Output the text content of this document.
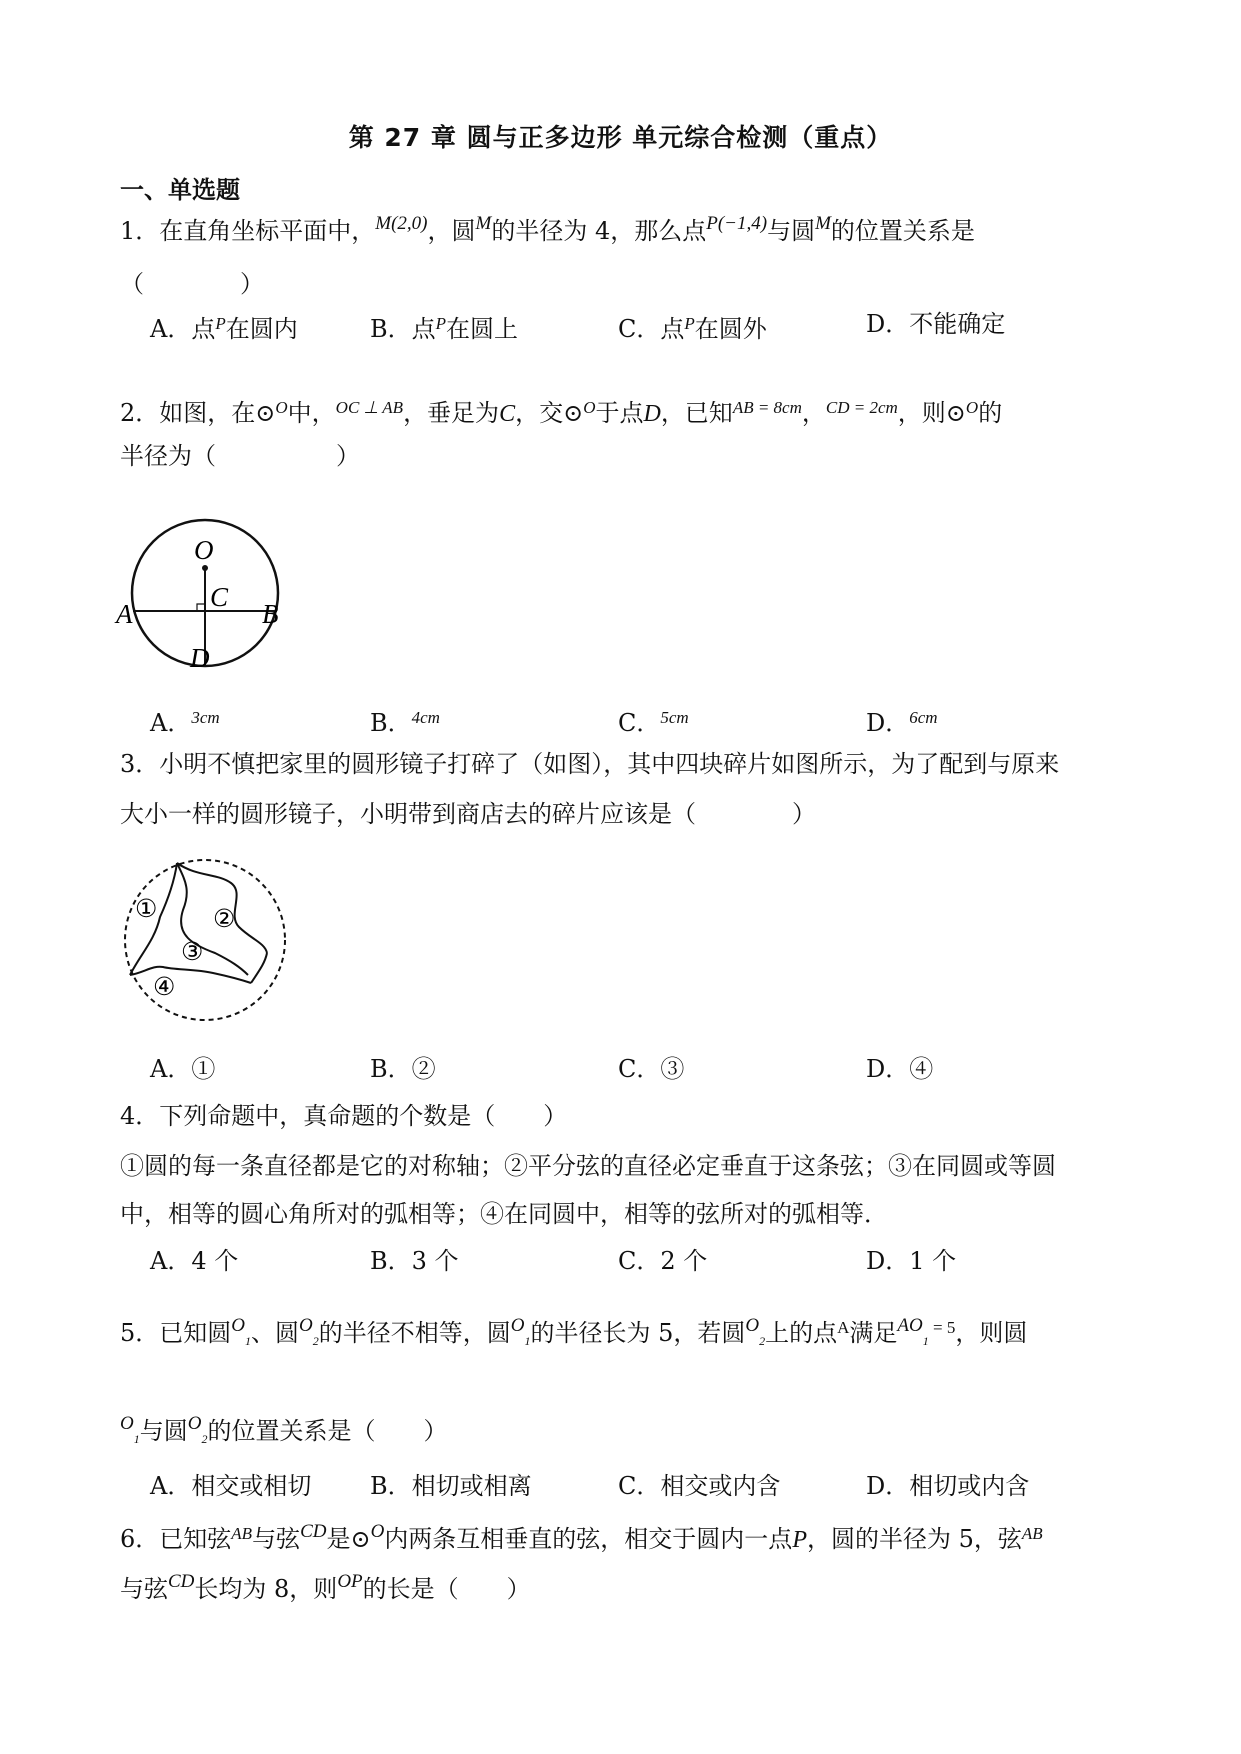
第 27 章 圆与正多边形 单元综合检测（重点）
一、单选题
1．在直角坐标平面中，$^{M(2,0)}$，圆$^M$的半径为 4，那么点$^{P(-1,4)}$与圆$^M$的位置关系是
（　　　　）
A．点$^P$在圆内	B．点$^P$在圆上	C．点$^P$在圆外	D．不能确定
2．如图，在⊙$^O$中，$^{OC \perp AB}$，垂足为C，交⊙$^O$于点D，已知$^{AB = 8cm}$，$^{CD = 2cm}$，则⊙$^O$的
半径为（　　　　　）
O
C
A	B
D
A．$^{3cm}$	B．$^{4cm}$	C．$^{5cm}$	D．$^{6cm}$
3．小明不慎把家里的圆形镜子打碎了（如图），其中四块碎片如图所示，为了配到与原来
大小一样的圆形镜子，小明带到商店去的碎片应该是（　　　　）
① ②
③
④
A．①	B．②	C．③	D．④
4．下列命题中，真命题的个数是（　　）
①圆的每一条直径都是它的对称轴；②平分弦的直径必定垂直于这条弦；③在同圆或等圆
中，相等的圆心角所对的弧相等；④在同圆中，相等的弦所对的弧相等．
A．4 个	B．3 个	C．2 个	D．1 个
5．已知圆$^O_1$、圆$^O_2$的半径不相等，圆$^O_1$的半径长为 5，若圆$^O_2$上的点$^A$满足$^{AO}_1$ $^{= 5}$，则圆
$^O_1$与圆$^O_2$的位置关系是（　　）
A．相交或相切 B．相切或相离	C．相交或内含	D．相切或内含
6．已知弦$^{AB}$与弦$^{CD}$是⊙$^O$内两条互相垂直的弦，相交于圆内一点P，圆的半径为 5，弦$^{AB}$
与弦$^{CD}$长均为 8，则$^{OP}$的长是（　　）
